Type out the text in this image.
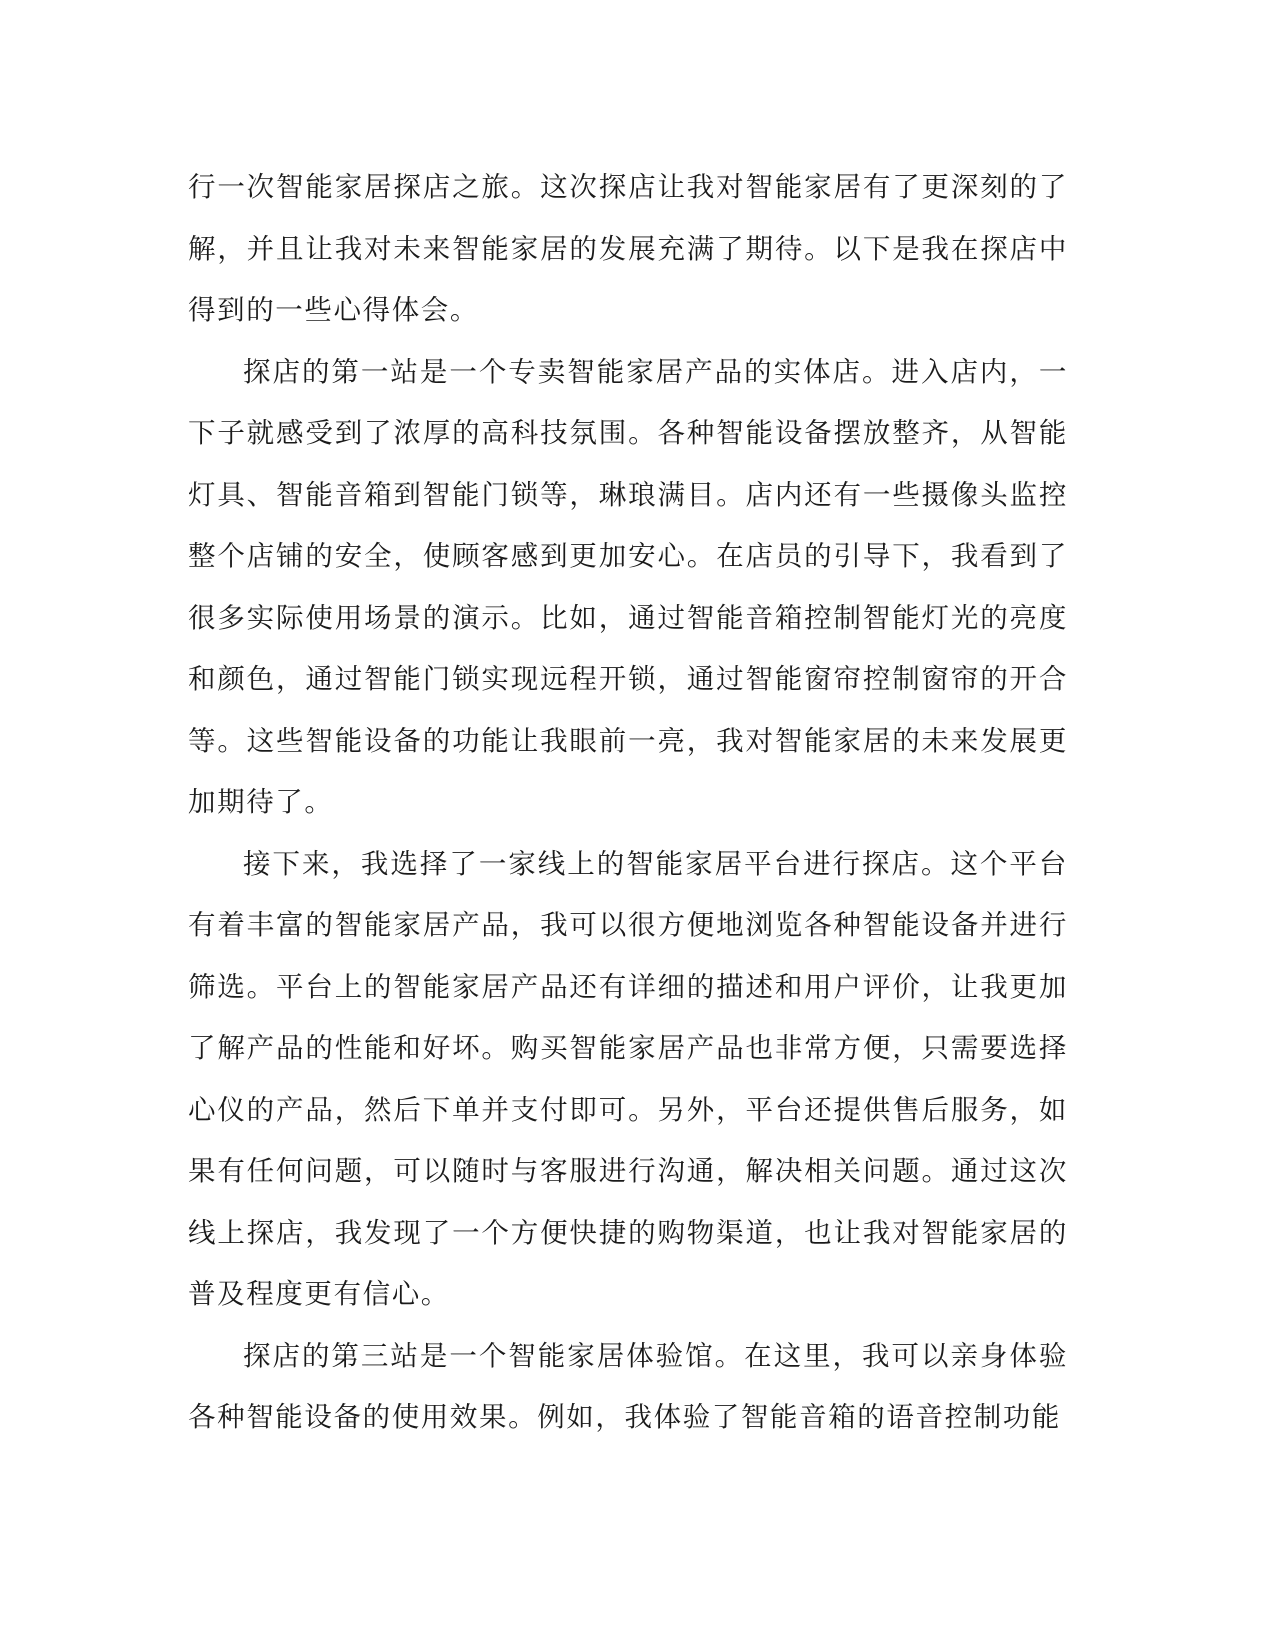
行一次智能家居探店之旅。这次探店让我对智能家居有了更深刻的了解，并且让我对未来智能家居的发展充满了期待。以下是我在探店中得到的一些心得体会。

探店的第一站是一个专卖智能家居产品的实体店。进入店内，一下子就感受到了浓厚的高科技氛围。各种智能设备摆放整齐，从智能灯具、智能音箱到智能门锁等，琳琅满目。店内还有一些摄像头监控整个店铺的安全，使顾客感到更加安心。在店员的引导下，我看到了很多实际使用场景的演示。比如，通过智能音箱控制智能灯光的亮度和颜色，通过智能门锁实现远程开锁，通过智能窗帘控制窗帘的开合等。这些智能设备的功能让我眼前一亮，我对智能家居的未来发展更加期待了。

接下来，我选择了一家线上的智能家居平台进行探店。这个平台有着丰富的智能家居产品，我可以很方便地浏览各种智能设备并进行筛选。平台上的智能家居产品还有详细的描述和用户评价，让我更加了解产品的性能和好坏。购买智能家居产品也非常方便，只需要选择心仪的产品，然后下单并支付即可。另外，平台还提供售后服务，如果有任何问题，可以随时与客服进行沟通，解决相关问题。通过这次线上探店，我发现了一个方便快捷的购物渠道，也让我对智能家居的普及程度更有信心。

探店的第三站是一个智能家居体验馆。在这里，我可以亲身体验各种智能设备的使用效果。例如，我体验了智能音箱的语音控制功能
